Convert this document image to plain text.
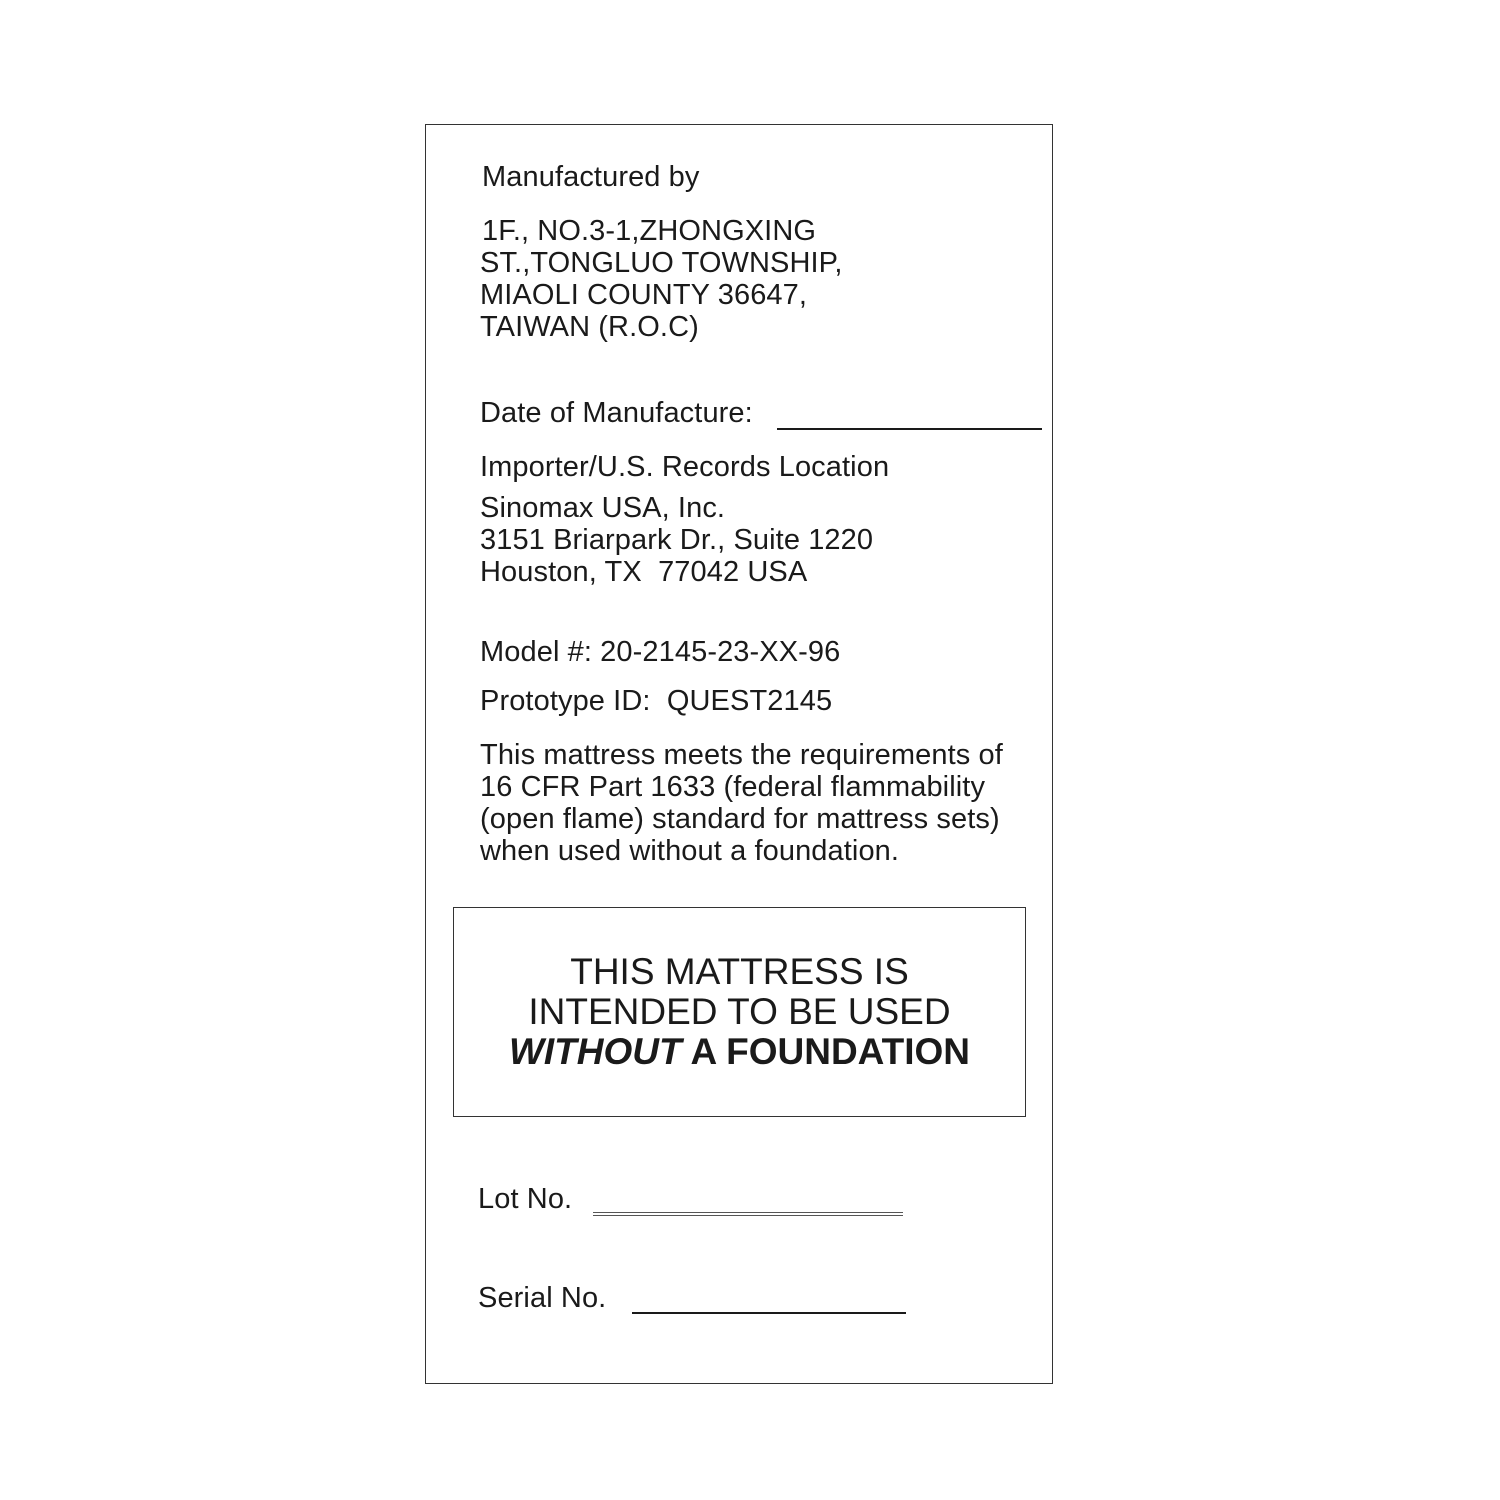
Manufactured by
1F., NO.3-1,ZHONGXING
ST.,TONGLUO TOWNSHIP,
MIAOLI COUNTY 36647,
TAIWAN (R.O.C)
Date of Manufacture:
Importer/U.S. Records Location
Sinomax USA, Inc.
3151 Briarpark Dr., Suite 1220
Houston, TX  77042 USA
Model #: 20-2145-23-XX-96
Prototype ID:  QUEST2145
This mattress meets the requirements of
16 CFR Part 1633 (federal flammability
(open flame) standard for mattress sets)
when used without a foundation.
THIS MATTRESS IS
INTENDED TO BE USED
WITHOUT A FOUNDATION
Lot No.
Serial No.
